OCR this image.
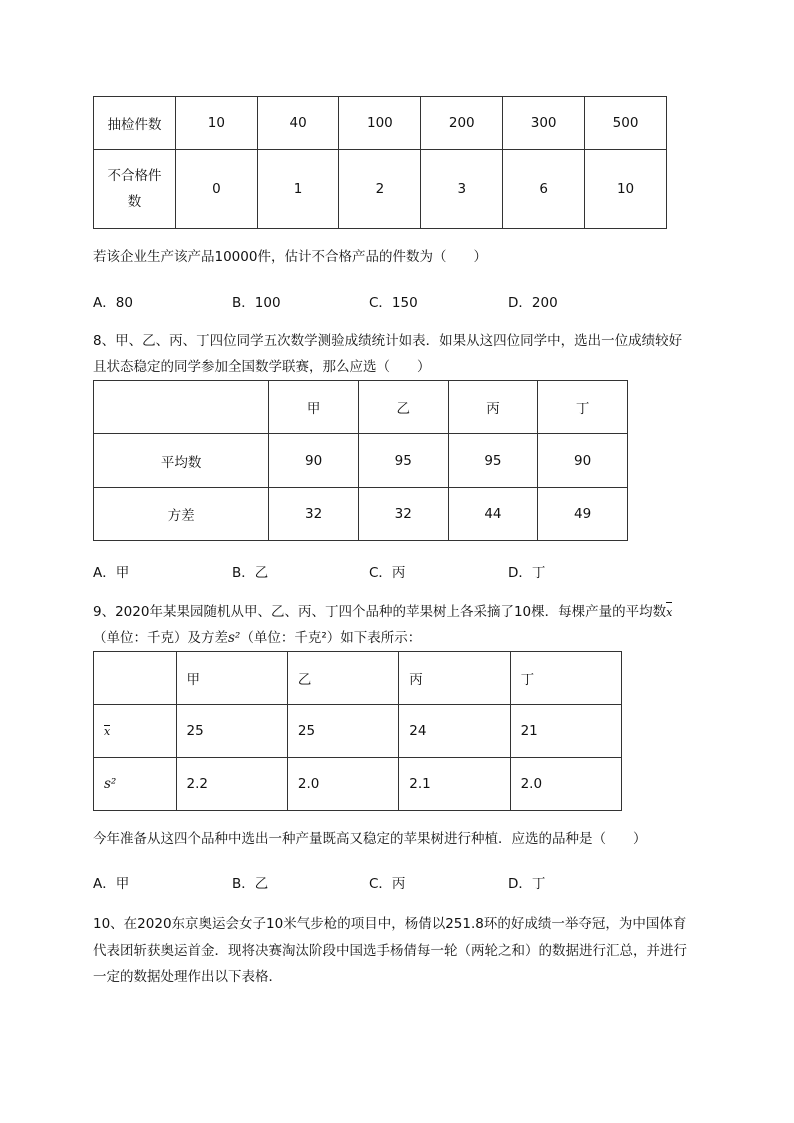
抽检件数	10	40	100	200	300	500
不合格件数	0	1	2	3	6	10
若该企业生产该产品10000件，估计不合格产品的件数为（　　）
A．80	B．100	C．150	D．200
8、甲、乙、丙、丁四位同学五次数学测验成绩统计如表．如果从这四位同学中，选出一位成绩较好
且状态稳定的同学参加全国数学联赛，那么应选（　　）
	甲	乙	丙	丁
平均数	90	95	95	90
方差	32	32	44	49
A．甲	B．乙	C．丙	D．丁
9、2020年某果园随机从甲、乙、丙、丁四个品种的苹果树上各采摘了10棵．每棵产量的平均数x
（单位：千克）及方差s²（单位：千克²）如下表所示：
	甲	乙	丙	丁
x	25	25	24	21
s²	2.2	2.0	2.1	2.0
今年准备从这四个品种中选出一种产量既高又稳定的苹果树进行种植．应选的品种是（　　）
A．甲	B．乙	C．丙	D．丁
10、在2020东京奥运会女子10米气步枪的项目中，杨倩以251.8环的好成绩一举夺冠，为中国体育
代表团斩获奥运首金．现将决赛淘汰阶段中国选手杨倩每一轮（两轮之和）的数据进行汇总，并进行
一定的数据处理作出以下表格．
